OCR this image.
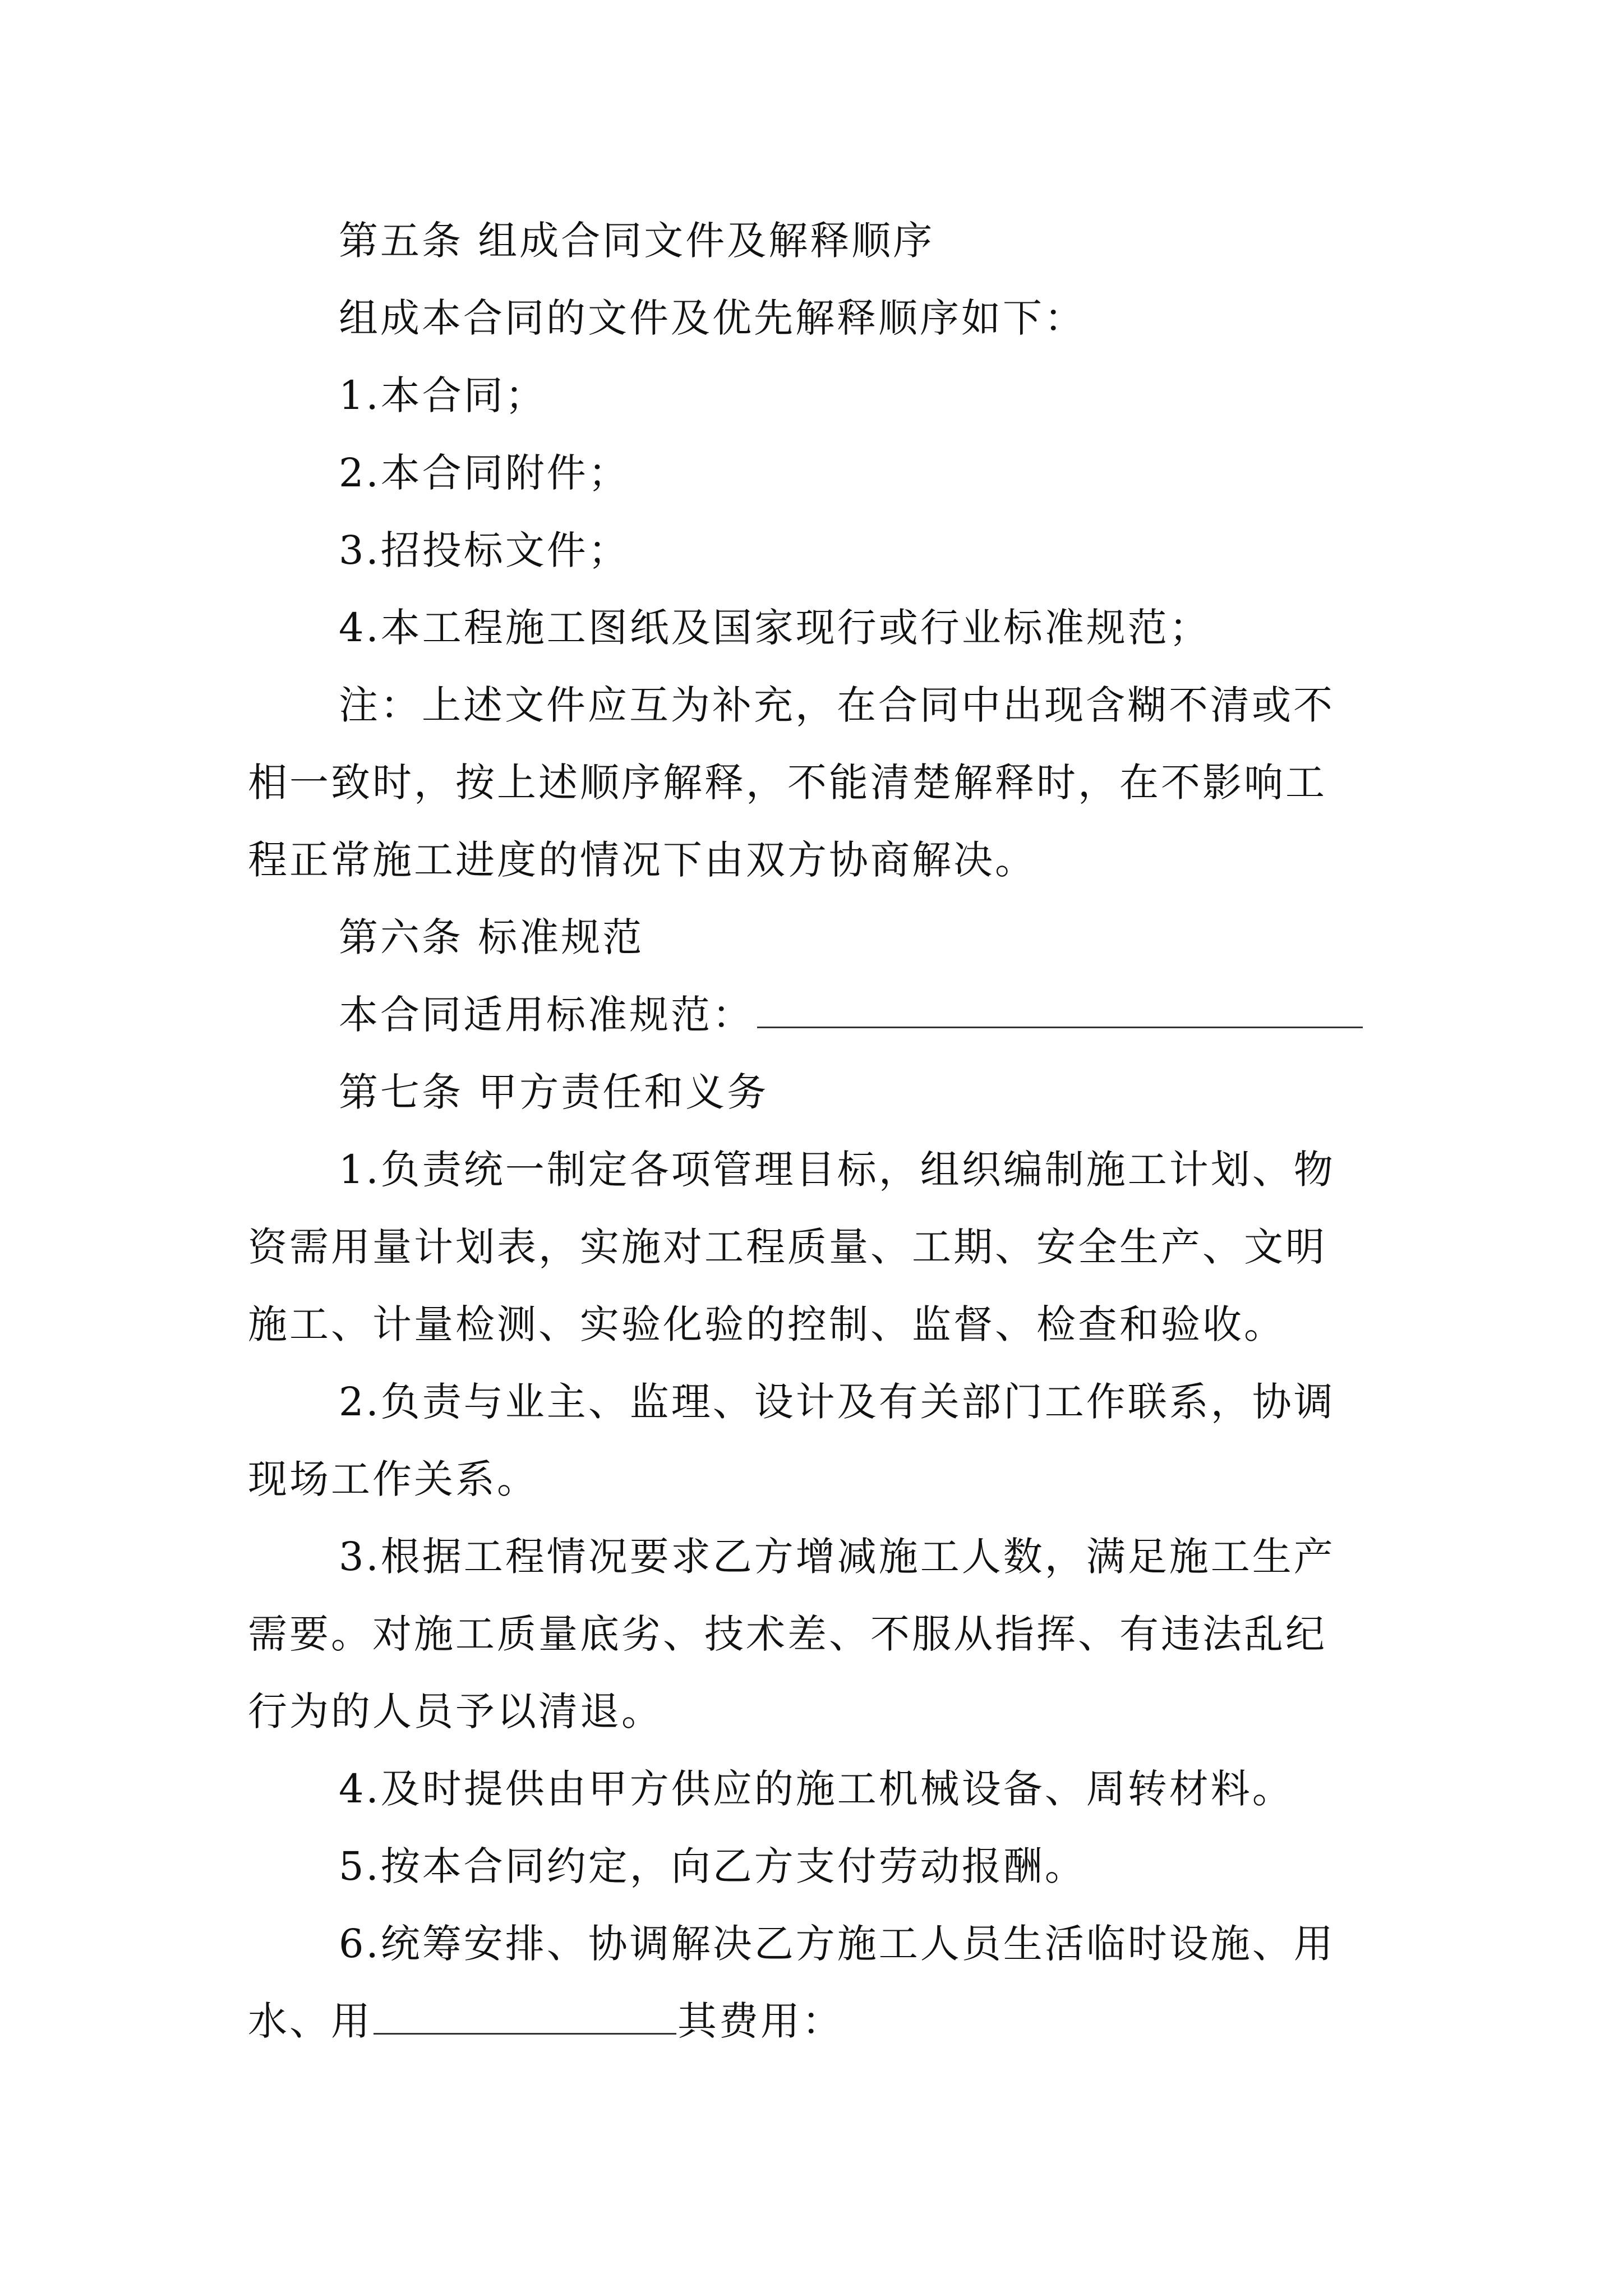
第五条 组成合同文件及解释顺序
组成本合同的文件及优先解释顺序如下：
1.本合同；
2.本合同附件；
3.招投标文件；
4.本工程施工图纸及国家现行或行业标准规范；
注：上述文件应互为补充，在合同中出现含糊不清或不
相一致时，按上述顺序解释，不能清楚解释时，在不影响工
程正常施工进度的情况下由双方协商解决。
第六条 标准规范
本合同适用标准规范：
第七条 甲方责任和义务
1.负责统一制定各项管理目标，组织编制施工计划、物
资需用量计划表，实施对工程质量、工期、安全生产、文明
施工、计量检测、实验化验的控制、监督、检查和验收。
2.负责与业主、监理、设计及有关部门工作联系，协调
现场工作关系。
3.根据工程情况要求乙方增减施工人数，满足施工生产
需要。对施工质量底劣、技术差、不服从指挥、有违法乱纪
行为的人员予以清退。
4.及时提供由甲方供应的施工机械设备、周转材料。
5.按本合同约定，向乙方支付劳动报酬。
6.统筹安排、协调解决乙方施工人员生活临时设施、用
水、用	其费用：
